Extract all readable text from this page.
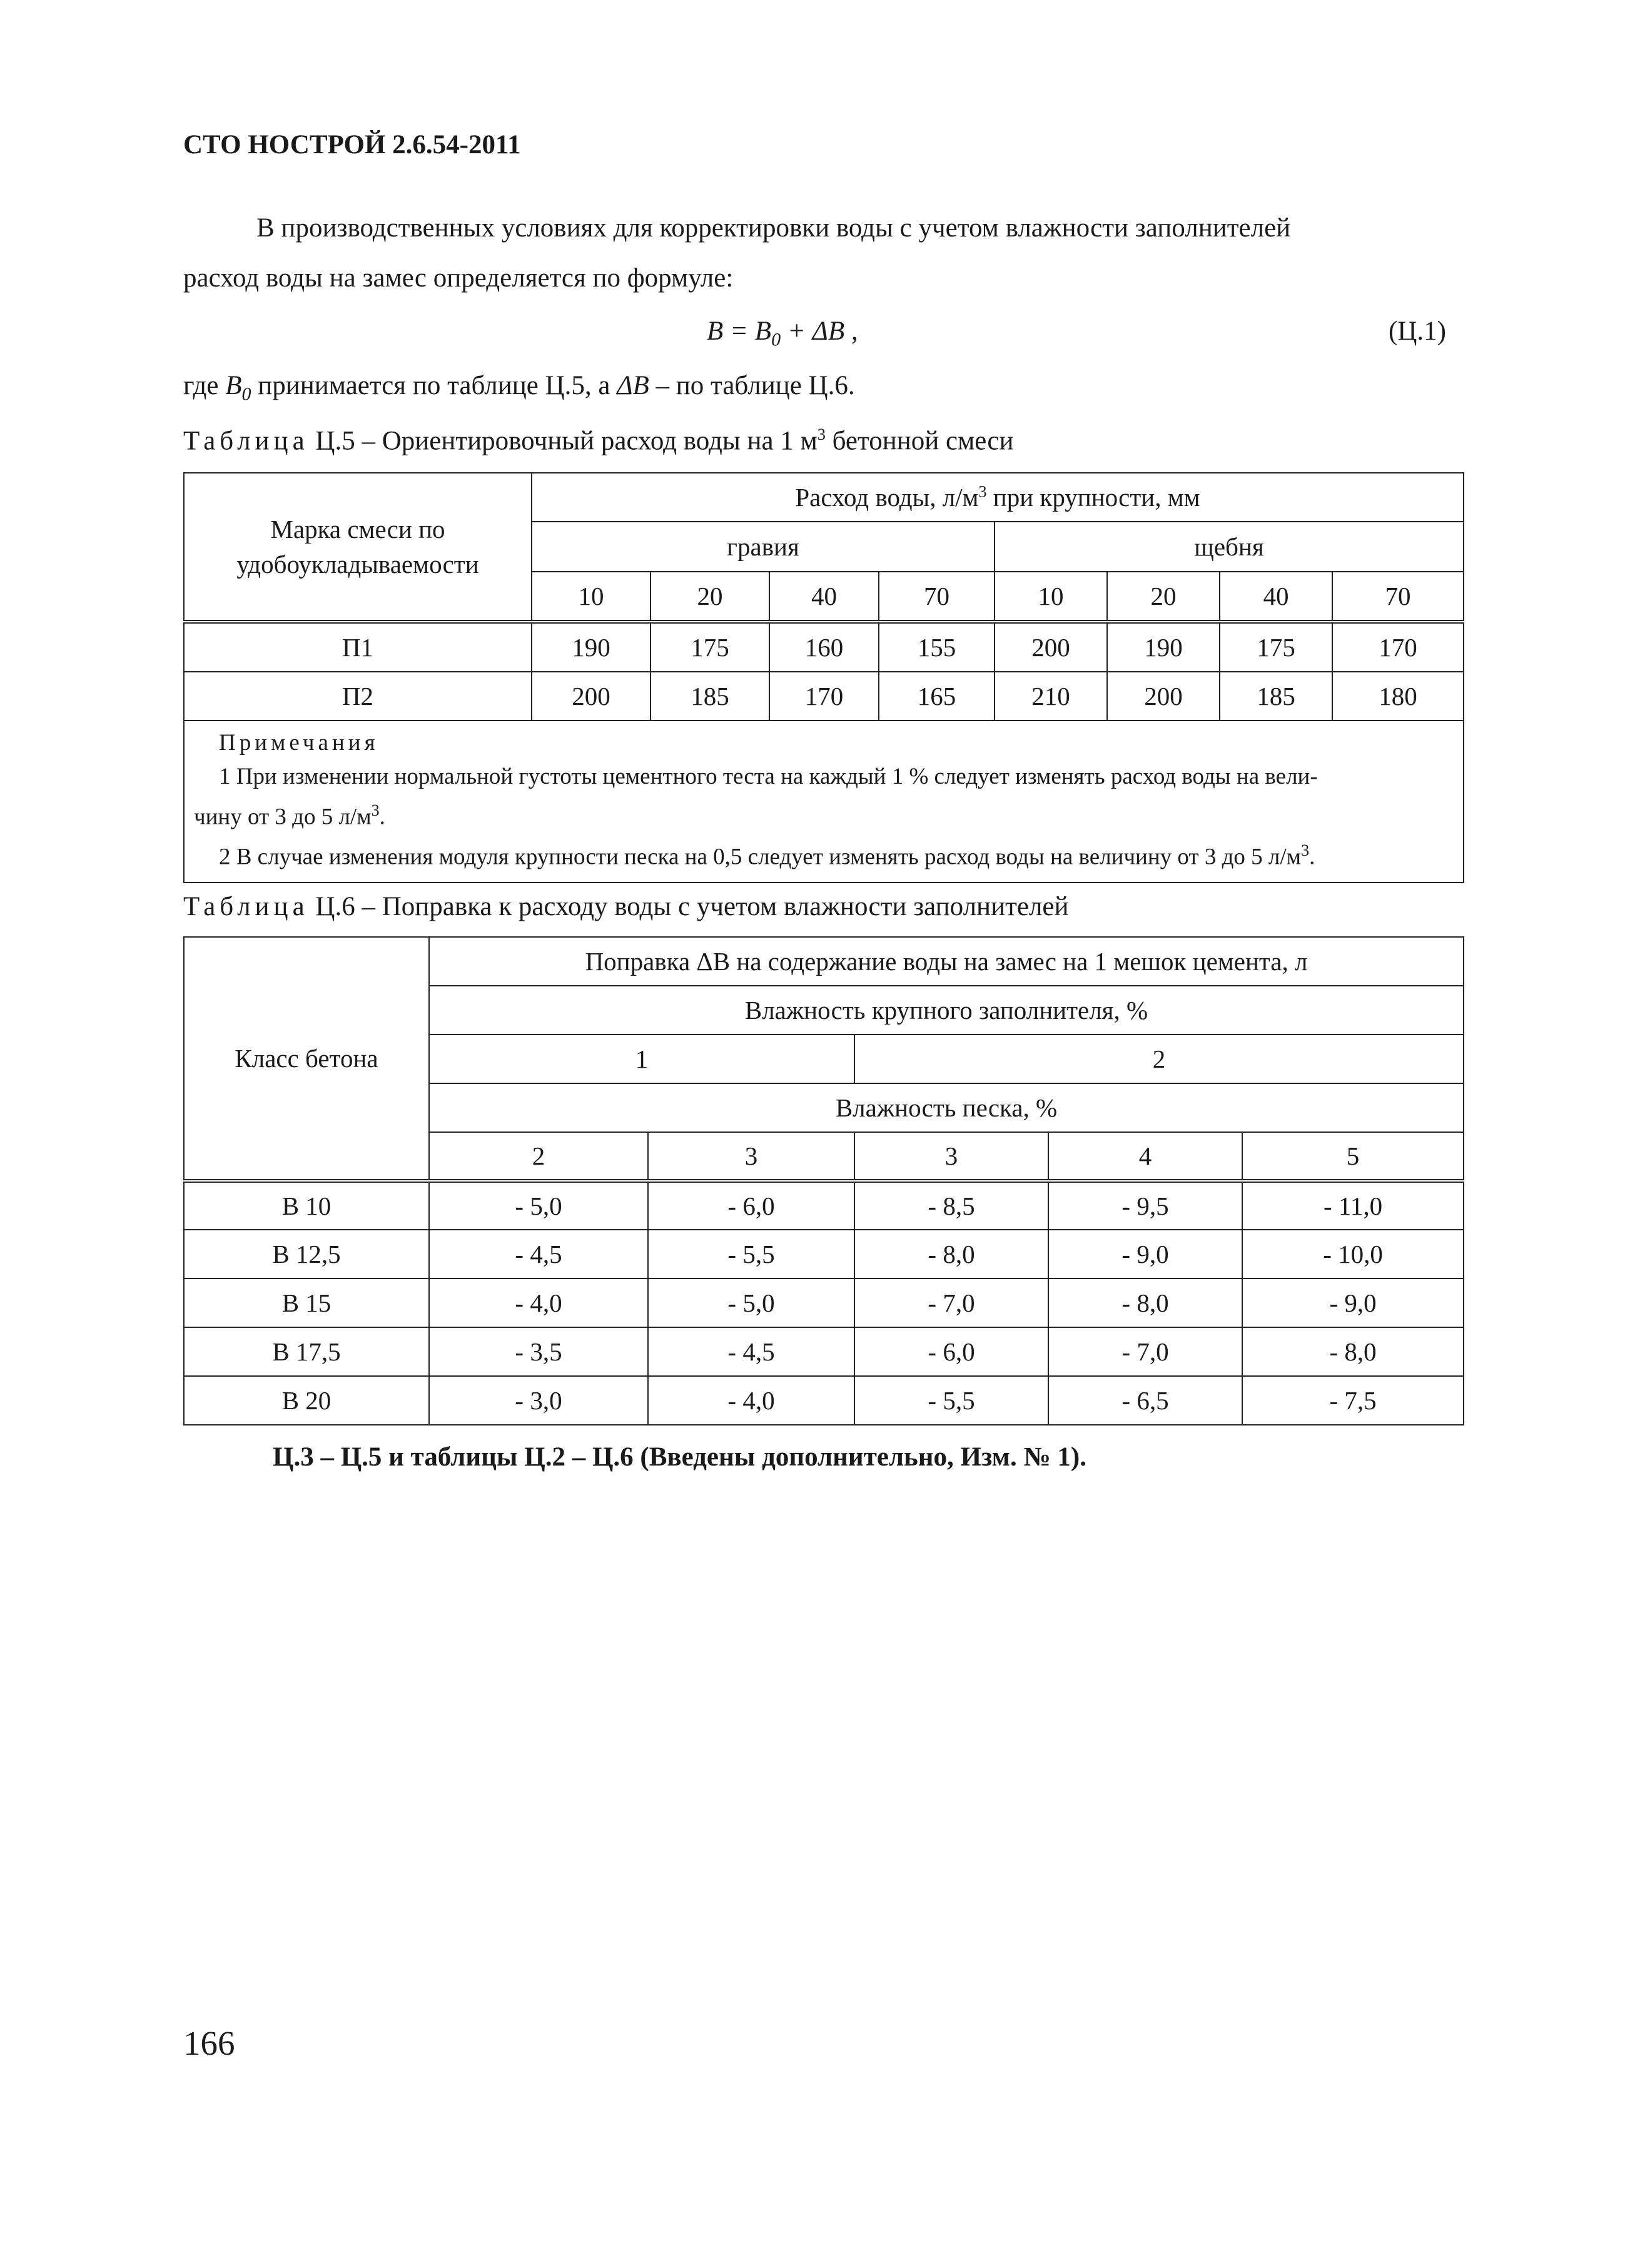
СТО НОСТРОЙ 2.6.54-2011
В производственных условиях для корректировки воды с учетом влажности заполнителей
расход воды на замес определяется по формуле:
$B = B_0 + \Delta B$ ,	(Ц.1)
где $B_0$ принимается по таблице Ц.5, а ΔB – по таблице Ц.6.
Таблица Ц.5 – Ориентировочный расход воды на 1 $м^3$ бетонной смеси
Марка смеси по удобоукладываемости	Расход воды, $л/м^3$ при крупности, мм							
	гравия				щебня			
	10	20	40	70	10	20	40	70
П1	190	175	160	155	200	190	175	170
П2	200	185	170	165	210	200	185	180

Примечания
1 При изменении нормальной густоты цементного теста на каждый 1 % следует изменять расход воды на вели-
чину от 3 до 5 $л/м^3$.
2 В случае изменения модуля крупности песка на 0,5 следует изменять расход воды на величину от 3 до 5 $л/м^3$.								
Таблица Ц.6 – Поправка к расходу воды с учетом влажности заполнителей
Класс бетона	Поправка ΔB на содержание воды на замес на 1 мешок цемента, л				
	Влажность крупного заполнителя, %				
	1		2		
	Влажность песка, %				
	2	3	3	4	5
В 10	- 5,0	- 6,0	- 8,5	- 9,5	- 11,0
В 12,5	- 4,5	- 5,5	- 8,0	- 9,0	- 10,0
В 15	- 4,0	- 5,0	- 7,0	- 8,0	- 9,0
В 17,5	- 3,5	- 4,5	- 6,0	- 7,0	- 8,0
В 20	- 3,0	- 4,0	- 5,5	- 6,5	- 7,5
Ц.3 – Ц.5 и таблицы Ц.2 – Ц.6 (Введены дополнительно, Изм. № 1).
166
